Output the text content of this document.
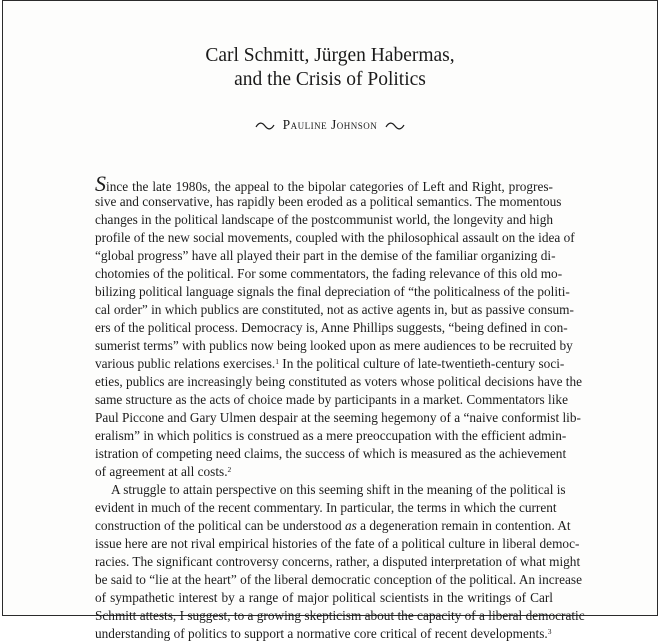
Carl Schmitt, Jürgen Habermas,
and the Crisis of Politics
Pauline Johnson
Since the late 1980s, the appeal to the bipolar categories of Left and Right, progres-
sive and conservative, has rapidly been eroded as a political semantics. The momentous
changes in the political landscape of the postcommunist world, the longevity and high
profile of the new social movements, coupled with the philosophical assault on the idea of
“global progress” have all played their part in the demise of the familiar organizing di-
chotomies of the political. For some commentators, the fading relevance of this old mo-
bilizing political language signals the final depreciation of “the politicalness of the politi-
cal order” in which publics are constituted, not as active agents in, but as passive consum-
ers of the political process. Democracy is, Anne Phillips suggests, “being defined in con-
sumerist terms” with publics now being looked upon as mere audiences to be recruited by
various public relations exercises.$^1$ In the political culture of late-twentieth-century soci-
eties, publics are increasingly being constituted as voters whose political decisions have the
same structure as the acts of choice made by participants in a market. Commentators like
Paul Piccone and Gary Ulmen despair at the seeming hegemony of a “naive conformist lib-
eralism” in which politics is construed as a mere preoccupation with the efficient admin-
istration of competing need claims, the success of which is measured as the achievement
of agreement at all costs.$^2$
A struggle to attain perspective on this seeming shift in the meaning of the political is
evident in much of the recent commentary. In particular, the terms in which the current
construction of the political can be understood as a degeneration remain in contention. At
issue here are not rival empirical histories of the fate of a political culture in liberal democ-
racies. The significant controversy concerns, rather, a disputed interpretation of what might
be said to “lie at the heart” of the liberal democratic conception of the political. An increase
of sympathetic interest by a range of major political scientists in the writings of Carl
Schmitt attests, I suggest, to a growing skepticism about the capacity of a liberal democratic
understanding of politics to support a normative core critical of recent developments.$^3$
